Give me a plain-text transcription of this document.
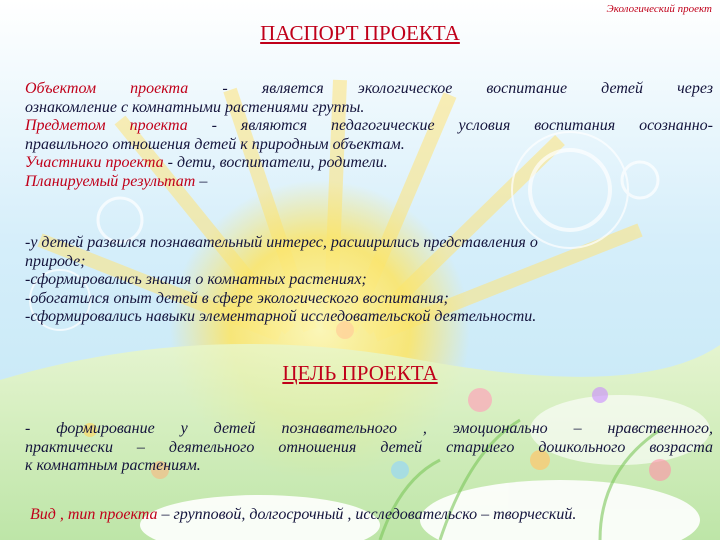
Экологический проект
ПАСПОРТ ПРОЕКТА
Объектом проекта - является экологическое воспитание детей через
ознакомление с комнатными растениями группы.
Предметом проекта - являются педагогические условия воспитания осознанно-
правильного отношения детей к природным объектам.
Участники проекта - дети, воспитатели, родители.
Планируемый результат –
-у детей развился познавательный интерес, расширились представления о
природе;
-сформировались знания о комнатных растениях;
-обогатился опыт детей в сфере экологического воспитания;
-сформировались навыки элементарной исследовательской деятельности.
ЦЕЛЬ ПРОЕКТА
- формирование у детей познавательного , эмоционально – нравственного,
практически – деятельного отношения детей старшего дошкольного возраста
к комнатным растениям.
Вид , тип проекта – групповой, долгосрочный , исследовательско – творческий.
